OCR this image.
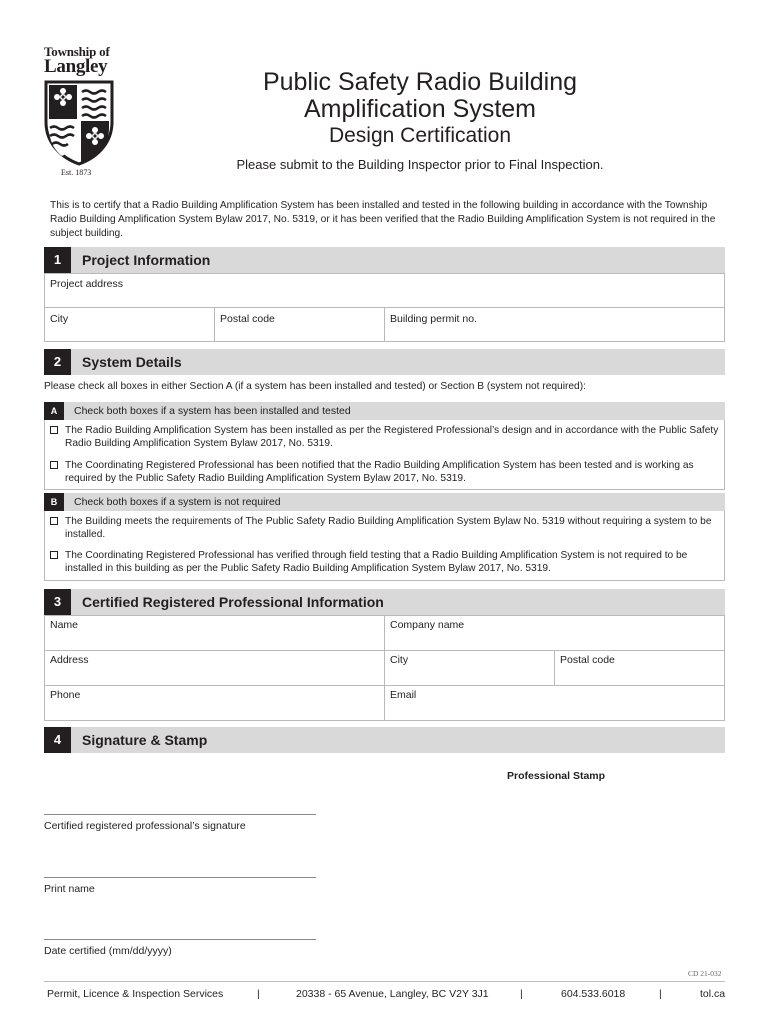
Township of
Langley
Est. 1873
Public Safety Radio Building
Amplification System
Design Certification
Please submit to the Building Inspector prior to Final Inspection.
This is to certify that a Radio Building Amplification System has been installed and tested in the following building in accordance with the Township Radio Building Amplification System Bylaw 2017, No. 5319, or it has been verified that the Radio Building Amplification System is not required in the subject building.
1	Project Information
Project address
City	Postal code	Building permit no.
2	System Details
Please check all boxes in either Section A (if a system has been installed and tested) or Section B (system not required):
A	Check both boxes if a system has been installed and tested
The Radio Building Amplification System has been installed as per the Registered Professional’s design and in accordance with the Public Safety Radio Building Amplification System Bylaw 2017, No. 5319.
The Coordinating Registered Professional has been notified that the Radio Building Amplification System has been tested and is working as required by the Public Safety Radio Building Amplification System Bylaw 2017, No. 5319.
B	Check both boxes if a system is not required
The Building meets the requirements of The Public Safety Radio Building Amplification System Bylaw No. 5319 without requiring a system to be installed.
The Coordinating Registered Professional has verified through field testing that a Radio Building Amplification System is not required to be installed in this building as per the Public Safety Radio Building Amplification System Bylaw 2017, No. 5319.
3	Certified Registered Professional Information
Name	Company name
Address	City	Postal code
Phone	Email
4	Signature & Stamp
Professional Stamp
Certified registered professional’s signature
Print name
Date certified (mm/dd/yyyy)
CD 21-032
Permit, Licence & Inspection Services	|	20338 - 65 Avenue, Langley, BC V2Y 3J1	|	604.533.6018	|	tol.ca
